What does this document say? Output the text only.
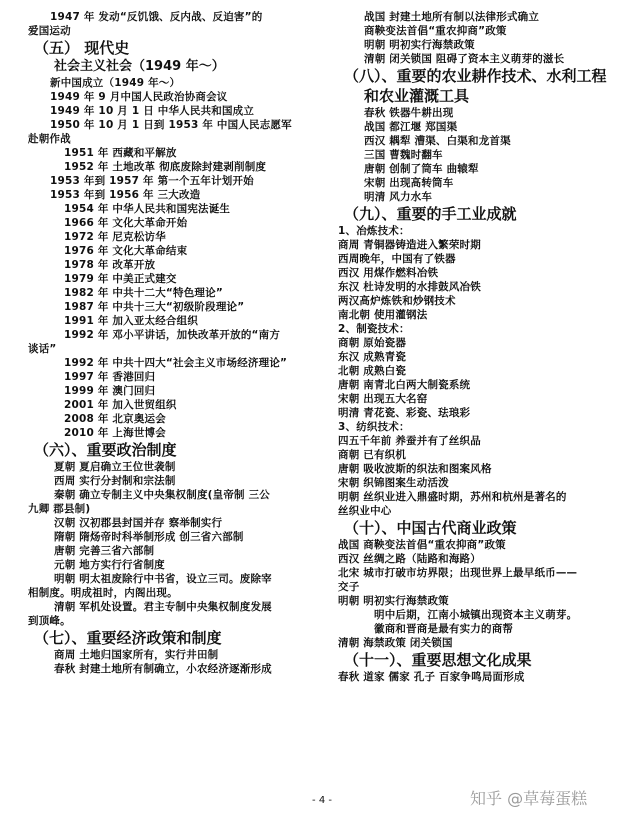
1947 年 发动“反饥饿、反内战、反迫害”的
爱国运动
（五） 现代史
社会主义社会（1949 年～）
新中国成立（1949 年～）
1949 年 9 月中国人民政治协商会议
1949 年 10 月 1 日 中华人民共和国成立
1950 年 10 月 1 日到 1953 年 中国人民志愿军
赴朝作战
1951 年 西藏和平解放
1952 年 土地改革 彻底废除封建剥削制度
1953 年到 1957 年 第一个五年计划开始
1953 年到 1956 年 三大改造
1954 年 中华人民共和国宪法诞生
1966 年 文化大革命开始
1972 年 尼克松访华
1976 年 文化大革命结束
1978 年 改革开放
1979 年 中美正式建交
1982 年 中共十二大“特色理论”
1987 年 中共十三大“初级阶段理论”
1991 年 加入亚太经合组织
1992 年 邓小平讲话，加快改革开放的“南方
谈话”
1992 年 中共十四大“社会主义市场经济理论”
1997 年 香港回归
1999 年 澳门回归
2001 年 加入世贸组织
2008 年 北京奥运会
2010 年 上海世博会
（六）、重要政治制度
夏朝 夏启确立王位世袭制
西周 实行分封制和宗法制
秦朝 确立专制主义中央集权制度(皇帝制 三公
九卿 郡县制)
汉朝 汉初郡县封国并存 察举制实行
隋朝 隋炀帝时科举制形成 创三省六部制
唐朝 完善三省六部制
元朝 地方实行行省制度
明朝 明太祖废除行中书省，设立三司。废除宰
相制度。明成祖时，内阁出现。
清朝 军机处设置。君主专制中央集权制度发展
到顶峰。
（七）、重要经济政策和制度
商周 土地归国家所有，实行井田制
春秋 封建土地所有制确立，小农经济逐渐形成
战国 封建土地所有制以法律形式确立
商鞅变法首倡“重农抑商”政策
明朝 明初实行海禁政策
清朝 闭关锁国 阻碍了资本主义萌芽的滋长
（八）、重要的农业耕作技术、水利工程
和农业灌溉工具
春秋 铁器牛耕出现
战国 都江堰 郑国渠
西汉 耦犁 漕渠、白渠和龙首渠
三国 曹魏时翻车
唐朝 创制了筒车 曲辕犁
宋朝 出现高转筒车
明清 风力水车
（九）、重要的手工业成就
1、冶炼技术：
商周 青铜器铸造进入繁荣时期
西周晚年，中国有了铁器
西汉 用煤作燃料冶铁
东汉 杜诗发明的水排鼓风冶铁
两汉高炉炼铁和炒钢技术
南北朝 使用灌钢法
2、制瓷技术：
商朝 原始瓷器
东汉 成熟青瓷
北朝 成熟白瓷
唐朝 南青北白两大制瓷系统
宋朝 出现五大名窑
明清 青花瓷、彩瓷、珐琅彩
3、纺织技术：
四五千年前 养蚕并有了丝织品
商朝 已有织机
唐朝 吸收波斯的织法和图案风格
宋朝 织锦图案生动活泼
明朝 丝织业进入鼎盛时期，苏州和杭州是著名的
丝织业中心
（十）、中国古代商业政策
战国 商鞅变法首倡“重农抑商”政策
西汉 丝绸之路（陆路和海路）
北宋 城市打破市坊界限；出现世界上最早纸币——
交子
明朝 明初实行海禁政策
明中后期，江南小城镇出现资本主义萌芽。
徽商和晋商是最有实力的商帮
清朝 海禁政策 闭关锁国
（十一）、重要思想文化成果
春秋 道家 儒家 孔子 百家争鸣局面形成
- 4 -	知乎 @草莓蛋糕
